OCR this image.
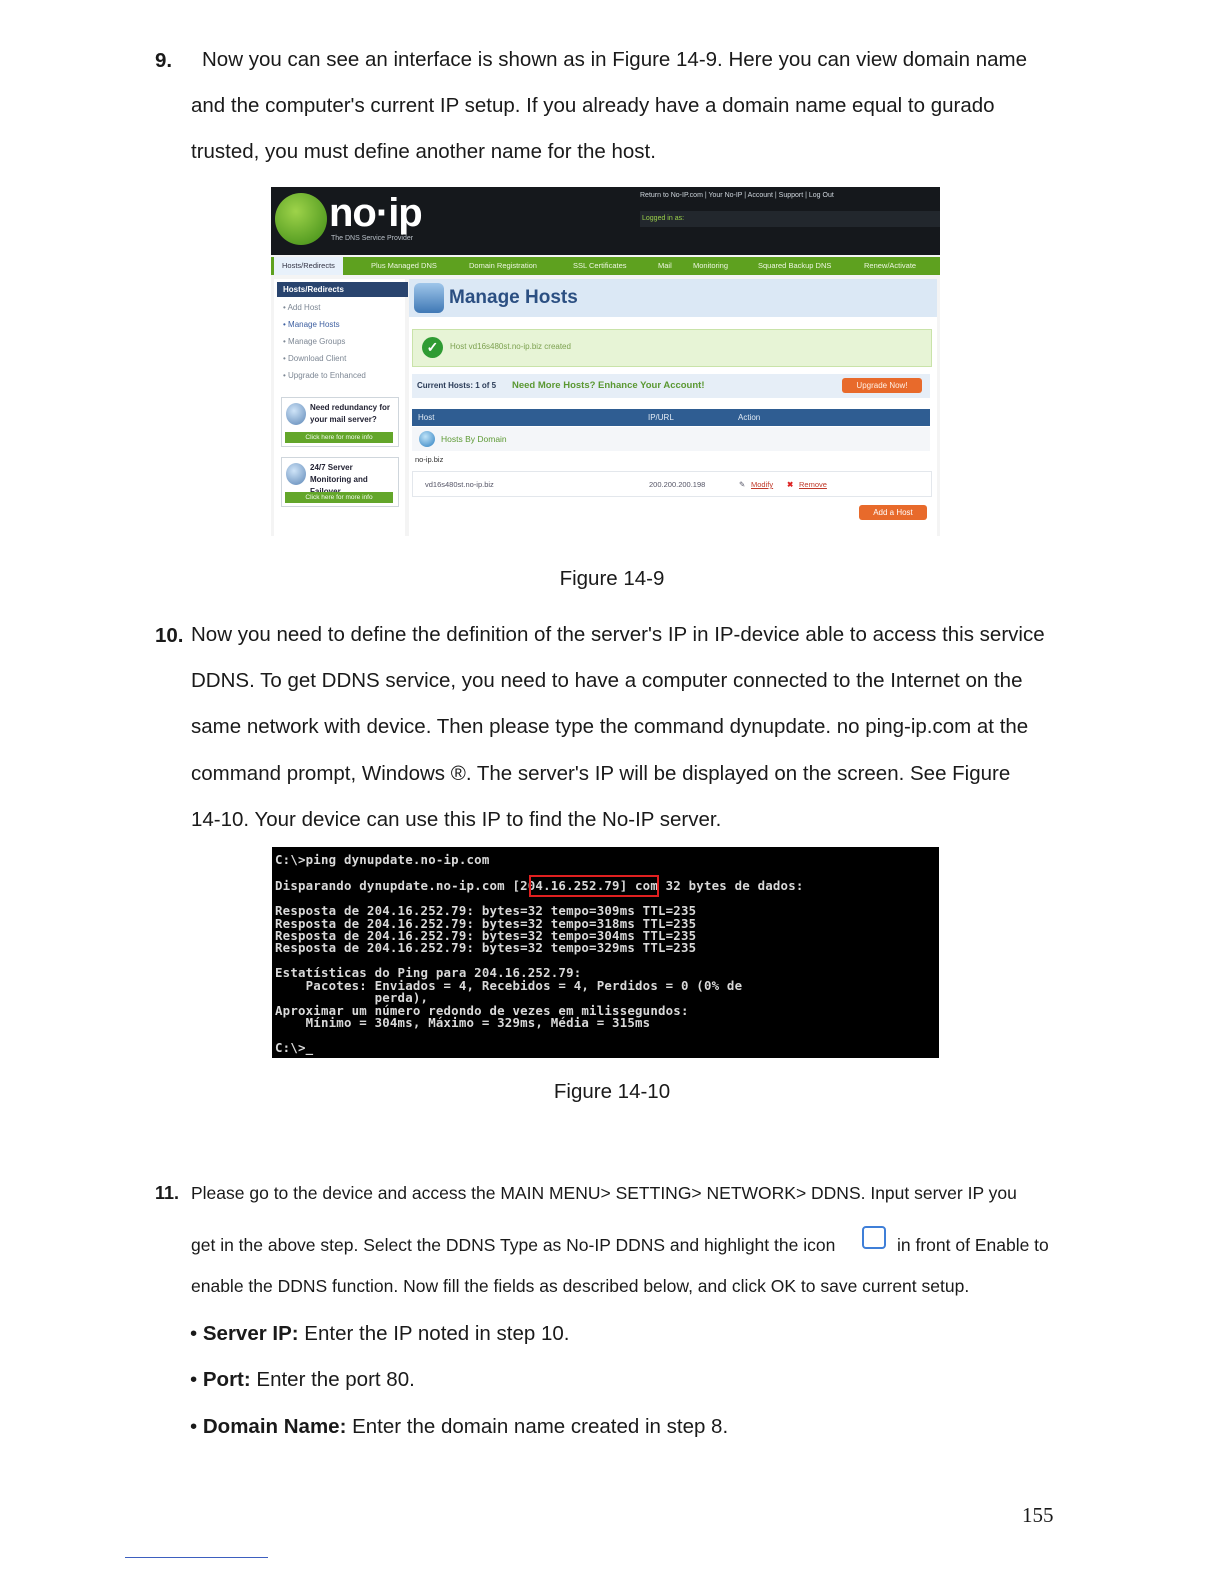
9. Now you can see an interface is shown as in Figure 14-9. Here you can view domain name
and the computer's current IP setup. If you already have a domain name equal to gurado
trusted, you must define another name for the host.
no·ip
The DNS Service Provider
Return to No-IP.com | Your No-IP | Account | Support | Log Out
Logged in as:
Hosts/Redirects	Plus Managed DNS	Domain Registration	SSL Certificates	Mail	Monitoring	Squared Backup DNS	Renew/Activate
Hosts/Redirects
• Add Host
• Manage Hosts
• Manage Groups
• Download Client
• Upgrade to Enhanced
Need redundancy for your mail server?
Click here for more info
24/7 Server Monitoring and
Click here for more info
Manage Hosts
✓	Host vd16s480st.no-ip.biz created
Current Hosts: 1 of 5 Need More Hosts? Enhance Your Account!	Upgrade Now!
Host	IP/URL	Action
Hosts By Domain
no-ip.biz
vd16s480st.no-ip.biz	200.200.200.198	✎ Modify ✖ Remove
Add a Host
Figure 14-9
10. Now you need to define the definition of the server's IP in IP-device able to access this service
DDNS. To get DDNS service, you need to have a computer connected to the Internet on the
same network with device. Then please type the command dynupdate. no ping-ip.com at the
command prompt, Windows ®. The server's IP will be displayed on the screen. See Figure
14-10. Your device can use this IP to find the No-IP server.
C:\>ping dynupdate.no-ip.com
Disparando dynupdate.no-ip.com [204.16.252.79] com 32 bytes de dados:
Resposta de 204.16.252.79: bytes=32 tempo=309ms TTL=235
Resposta de 204.16.252.79: bytes=32 tempo=318ms TTL=235
Resposta de 204.16.252.79: bytes=32 tempo=304ms TTL=235
Resposta de 204.16.252.79: bytes=32 tempo=329ms TTL=235
Estatísticas do Ping para 204.16.252.79:
Pacotes: Enviados = 4, Recebidos = 4, Perdidos = 0 (0% de
perda),
Aproximar um número redondo de vezes em milissegundos:
Mínimo = 304ms, Máximo = 329ms, Média = 315ms
C:\>_
Figure 14-10
11. Please go to the device and access the MAIN MENU> SETTING> NETWORK> DDNS. Input server IP you
get in the above step. Select the DDNS Type as No-IP DDNS and highlight the icon	in front of Enable to
enable the DDNS function. Now fill the fields as described below, and click OK to save current setup.
• Server IP: Enter the IP noted in step 10.
• Port: Enter the port 80.
• Domain Name: Enter the domain name created in step 8.
155
